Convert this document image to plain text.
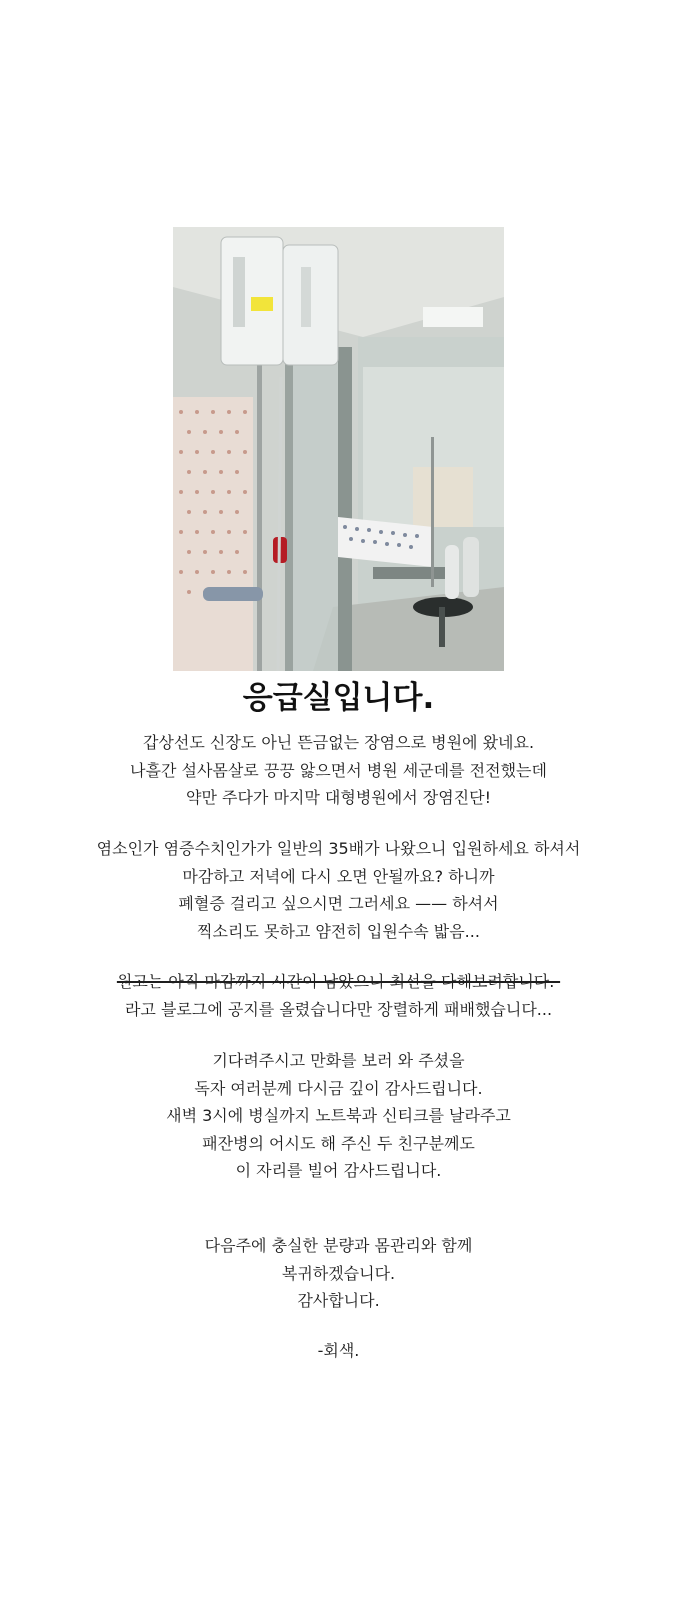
응급실입니다.
갑상선도 신장도 아닌 뜬금없는 장염으로 병원에 왔네요.
나흘간 설사몸살로 끙끙 앓으면서 병원 세군데를 전전했는데
약만 주다가 마지막 대형병원에서 장염진단!
염소인가 염증수치인가가 일반의 35배가 나왔으니 입원하세요 하셔서
마감하고 저녁에 다시 오면 안될까요? 하니까
폐혈증 걸리고 싶으시면 그러세요 —— 하셔서
찍소리도 못하고 얌전히 입원수속 밟음...
원고는 아직 마감까지 시간이 남았으니 최선을 다해보려합니다.-
라고 블로그에 공지를 올렸습니다만 장렬하게 패배했습니다...
기다려주시고 만화를 보러 와 주셨을
독자 여러분께 다시금 깊이 감사드립니다.
새벽 3시에 병실까지 노트북과 신티크를 날라주고
패잔병의 어시도 해 주신 두 친구분께도
이 자리를 빌어 감사드립니다.
다음주에 충실한 분량과 몸관리와 함께
복귀하겠습니다.
감사합니다.
-회색.
